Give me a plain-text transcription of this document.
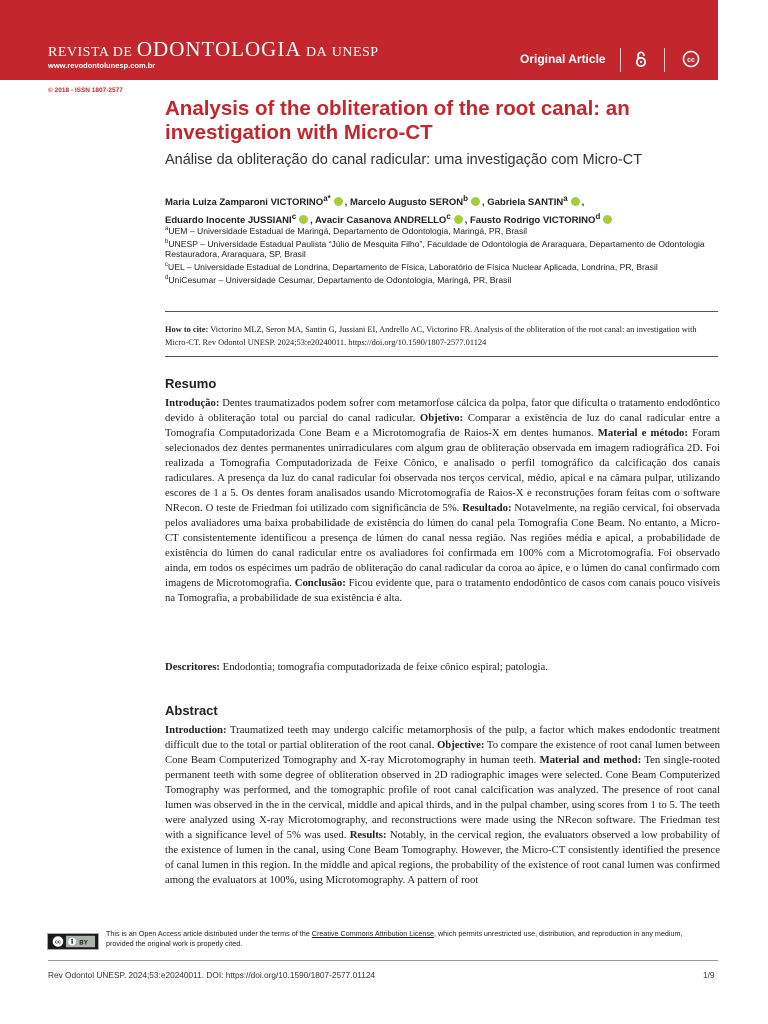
REVISTA DE ODONTOLOGIA DA UNESP
www.revodontolunesp.com.br	Original Article	cc
© 2018 - ISSN 1807-2577
Analysis of the obliteration of the root canal: an investigation with Micro-CT
Análise da obliteração do canal radicular: uma investigação com Micro-CT
Maria Luiza Zamparoni $VICTORINO^{a*}$ , Marcelo Augusto SERON$^b$ , Gabriela SANTIN$^a$ ,
Eduardo Inocente JUSSIANI$^c$ , Avacir Casanova ANDRELLO$^c$ , Fausto Rodrigo VICTORINO$^d$
$^a$UEM – Universidade Estadual de Maringá, Departamento de Odontologia, Maringá, PR, Brasil
$^b$UNESP – Universidade Estadual Paulista “Júlio de Mesquita Filho”, Faculdade de Odontologia de Araraquara, Departamento de Odontologia Restauradora, Araraquara, SP, Brasil
$^c$UEL – Universidade Estadual de Londrina, Departamento de Física, Laboratório de Física Nuclear Aplicada, Londrina, PR, Brasil
$^d$UniCesumar – Universidade Cesumar, Departamento de Odontologia, Maringá, PR, Brasil
How to cite: Victorino MLZ, Seron MA, Santin G, Jussiani EI, Andrello AC, Victorino FR. Analysis of the obliteration of the root canal: an investigation with Micro-CT. Rev Odontol UNESP. 2024;53:e20240011. https://doi.org/10.1590/1807-2577.01124
Resumo
Introdução: Dentes traumatizados podem sofrer com metamorfose cálcica da polpa, fator que dificulta o tratamento endodôntico devido à obliteração total ou parcial do canal radicular. Objetivo: Comparar a existência de luz do canal radicular entre a Tomografia Computadorizada Cone Beam e a Microtomografia de Raios-X em dentes humanos. Material e método: Foram selecionados dez dentes permanentes unirradiculares com algum grau de obliteração observada em imagem radiográfica 2D. Foi realizada a Tomografia Computadorizada de Feixe Cônico, e analisado o perfil tomográfico da calcificação dos canais radiculares. A presença da luz do canal radicular foi observada nos terços cervical, médio, apical e na câmara pulpar, utilizando escores de 1 a 5. Os dentes foram analisados usando Microtomografia de Raios-X e reconstruções foram feitas com o software NRecon. O teste de Friedman foi utilizado com significância de 5%. Resultado: Notavelmente, na região cervical, foi observada pelos avaliadores uma baixa probabilidade de existência do lúmen do canal pela Tomografia Cone Beam. No entanto, a Micro-CT consistentemente identificou a presença de lúmen do canal nessa região. Nas regiões média e apical, a probabilidade de existência do lúmen do canal radicular entre os avaliadores foi confirmada em 100% com a Microtomografia. Foi observado ainda, em todos os espécimes um padrão de obliteração do canal radicular da coroa ao ápice, e o lúmen do canal confirmado com imagens de Microtomografia. Conclusão: Ficou evidente que, para o tratamento endodôntico de casos com canais pouco visíveis na Tomografia, a probabilidade de sua existência é alta.
Descritores: Endodontia; tomografia computadorizada de feixe cônico espiral; patologia.
Abstract
Introduction: Traumatized teeth may undergo calcific metamorphosis of the pulp, a factor which makes endodontic treatment difficult due to the total or partial obliteration of the root canal. Objective: To compare the existence of root canal lumen between Cone Beam Computerized Tomography and X-ray Microtomography in human teeth. Material and method: Ten single-rooted permanent teeth with some degree of obliteration observed in 2D radiographic images were selected. Cone Beam Computerized Tomography was performed, and the tomographic profile of root canal calcification was analyzed. The presence of root canal lumen was observed in the in the cervical, middle and apical thirds, and in the pulpal chamber, using scores from 1 to 5. The teeth were analyzed using X-ray Microtomography, and reconstructions were made using the NRecon software. The Friedman test with a significance level of 5% was used. Results: Notably, in the cervical region, the evaluators observed a low probability of the existence of lumen in the canal, using Cone Beam Tomography. However, the Micro-CT consistently identified the presence of canal lumen in this region. In the middle and apical regions, the probability of the existence of root canal lumen was confirmed among the evaluators at 100%, using Microtomography. A pattern of root
cc	BY
This is an Open Access article distributed under the terms of the Creative Commons Attribution License, which permits unrestricted use, distribution, and reproduction in any medium, provided the original work is properly cited.
Rev Odontol UNESP. 2024;53:e20240011. DOI: https://doi.org/10.1590/1807-2577.01124	1/9
